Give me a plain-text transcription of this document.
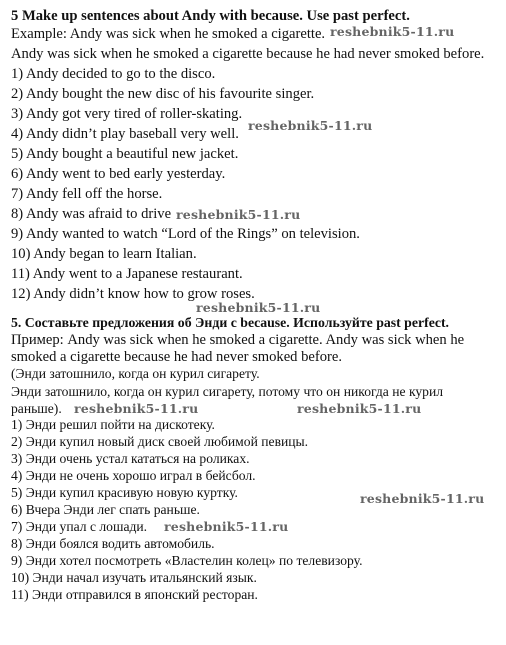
5 Make up sentences about Andy with because. Use past perfect.
Example: Andy was sick when he smoked a cigarette.
Andy was sick when he smoked a cigarette because he had never smoked before.
1) Andy decided to go to the disco.
2) Andy bought the new disc of his favourite singer.
3) Andy got very tired of roller-skating.
4) Andy didn’t play baseball very well.
5) Andy bought a beautiful new jacket.
6) Andy went to bed early yesterday.
7) Andy fell off the horse.
8) Andy was afraid to drive
9) Andy wanted to watch “Lord of the Rings” on television.
10) Andy began to learn Italian.
11) Andy went to a Japanese restaurant.
12) Andy didn’t know how to grow roses.
5. Составьте предложения об Энди с because. Используйте past perfect.
Пример: Andy was sick when he smoked a cigarette. Andy was sick when he
smoked a cigarette because he had never smoked before.
(Энди затошнило, когда он курил сигарету.
Энди затошнило, когда он курил сигарету, потому что он никогда не курил
раньше).
1) Энди решил пойти на дискотеку.
2) Энди купил новый диск своей любимой певицы.
3) Энди очень устал кататься на роликах.
4) Энди не очень хорошо играл в бейсбол.
5) Энди купил красивую новую куртку.
6) Вчера Энди лег спать раньше.
7) Энди упал с лошади.
8) Энди боялся водить автомобиль.
9) Энди хотел посмотреть «Властелин колец» по телевизору.
10) Энди начал изучать итальянский язык.
11) Энди отправился в японский ресторан.
reshebnik5-11.ru
reshebnik5-11.ru
reshebnik5-11.ru
reshebnik5-11.ru
reshebnik5-11.ru	reshebnik5-11.ru
reshebnik5-11.ru
reshebnik5-11.ru
